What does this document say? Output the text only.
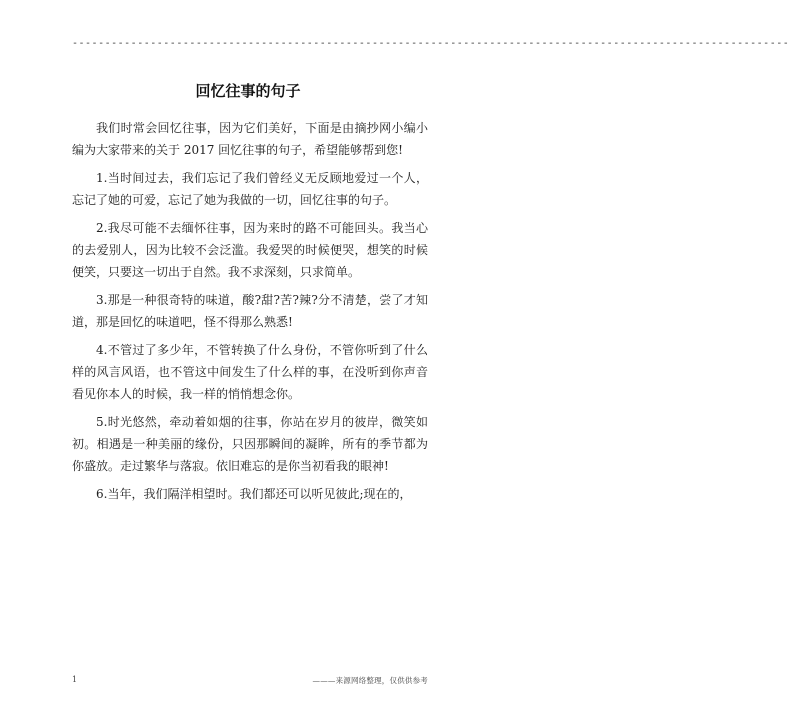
--------------------------------------------------------------------------------------------------------------
回忆往事的句子

我们时常会回忆往事，因为它们美好，下面是由摘抄网小编小编为大家带来的关于 2017 回忆往事的句子，希望能够帮到您!

1.当时间过去，我们忘记了我们曾经义无反顾地爱过一个人，忘记了她的可爱，忘记了她为我做的一切，回忆往事的句子。

2.我尽可能不去缅怀往事，因为来时的路不可能回头。我当心的去爱别人，因为比较不会泛滥。我爱哭的时候便哭，想笑的时候便笑，只要这一切出于自然。我不求深刻，只求简单。

3.那是一种很奇特的味道，酸?甜?苦?辣?分不清楚，尝了才知道，那是回忆的味道吧，怪不得那么熟悉!

4.不管过了多少年，不管转换了什么身份，不管你听到了什么样的风言风语，也不管这中间发生了什么样的事，在没听到你声音看见你本人的时候，我一样的悄悄想念你。

5.时光悠然，牵动着如烟的往事，你站在岁月的彼岸，微笑如初。相遇是一种美丽的缘份，只因那瞬间的凝眸，所有的季节都为你盛放。走过繁华与落寂。依旧难忘的是你当初看我的眼神!

6.当年，我们隔洋相望时。我们都还可以听见彼此;现在的，

1	———来源网络整理，仅供供参考
